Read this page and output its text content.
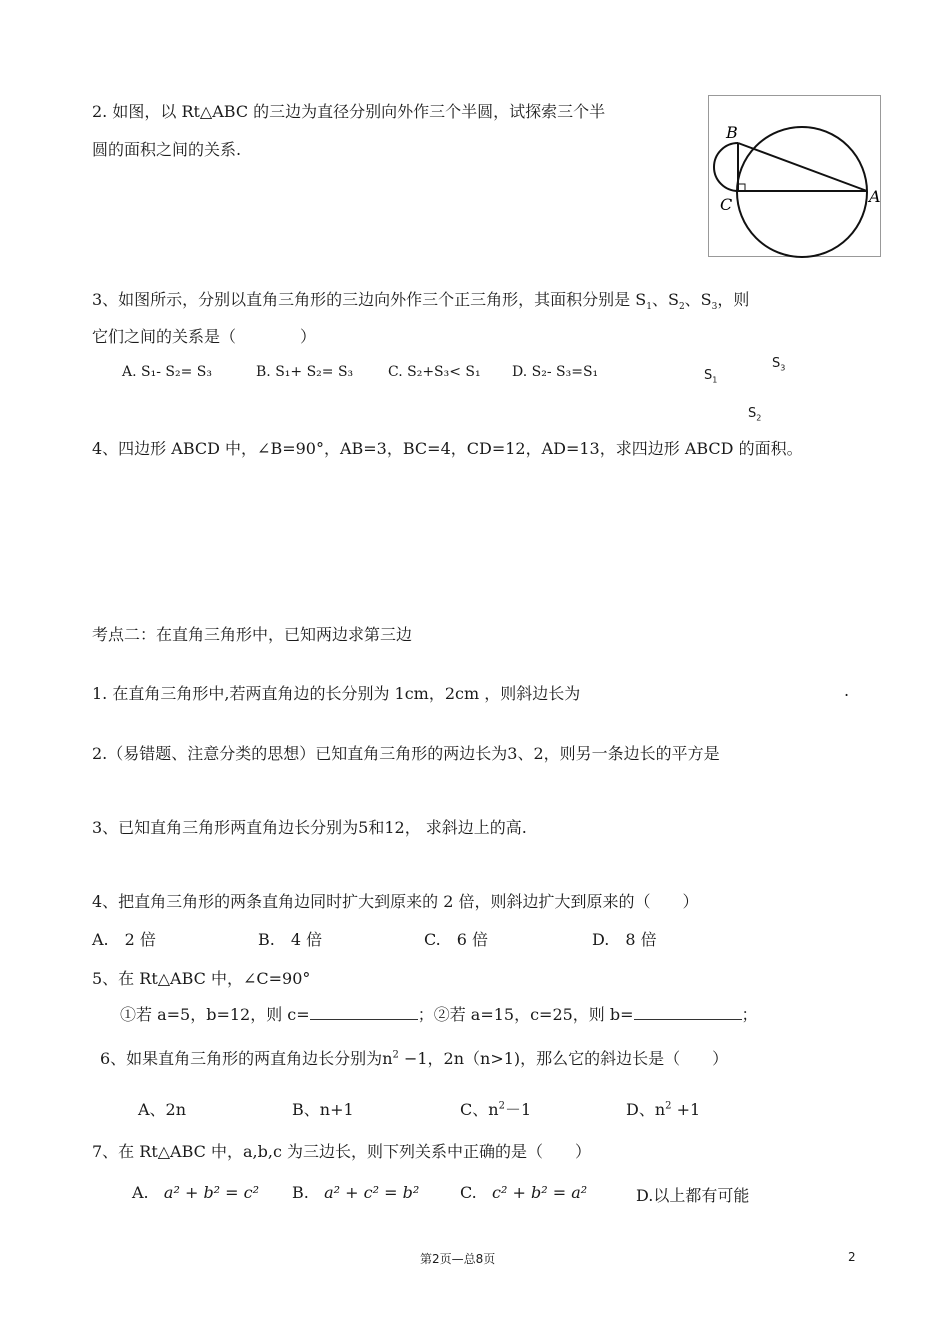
2. 如图，以 Rt△ABC 的三边为直径分别向外作三个半圆，试探索三个半
圆的面积之间的关系.
B
C	A
3、如图所示，分别以直角三角形的三边向外作三个正三角形，其面积分别是 $S_1$、$S_2$、$S_3$，则
它们之间的关系是（　　　　）
A. S₁- S₂= S₃	B. S₁+ S₂= S₃ C. S₂+S₃< S₁ D. S₂- S₃=S₁	$S_1$
$S_3$
$S_2$
4、四边形 ABCD 中，∠B=90°，AB=3，BC=4，CD=12，AD=13，求四边形 ABCD 的面积。
考点二：在直角三角形中，已知两边求第三边
1. 在直角三角形中,若两直角边的长分别为 1cm，2cm ，则斜边长为	.
2.（易错题、注意分类的思想）已知直角三角形的两边长为3、2，则另一条边长的平方是
3、已知直角三角形两直角边长分别为5和12， 求斜边上的高.
4、把直角三角形的两条直角边同时扩大到原来的 2 倍，则斜边扩大到原来的（　　）
A.　2 倍	B.　4 倍	C.　6 倍	D.　8 倍
5、在 Rt△ABC 中，∠C=90°
①若 a=5，b=12，则 c=	；②若 a=15，c=25，则 b=	；
6、如果直角三角形的两直角边长分别为$n^2 -1$，2n（n>1)，那么它的斜边长是（　　）
A、2n	B、n+1	C、$n^2-1$	D、$n^2 +1$
7、在 Rt△ABC 中，a,b,c 为三边长，则下列关系中正确的是（　　）
A. a² + b² = c² B. a² + c² = b²	C. c² + b² = a²	D.以上都有可能
第2页—总8页	2
